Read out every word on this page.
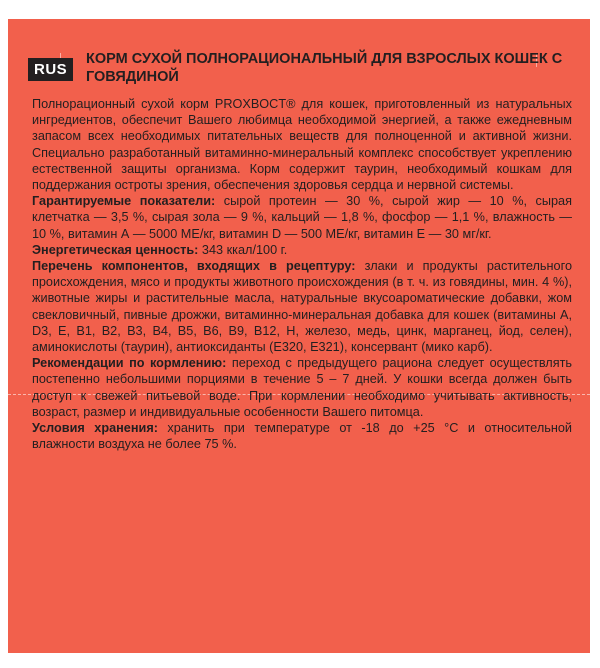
RUS
КОРМ СУХОЙ ПОЛНОРАЦИОНАЛЬНЫЙ ДЛЯ ВЗРОСЛЫХ КОШЕК С ГОВЯДИНОЙ

Полнорационный сухой корм PROXBOCT® для кошек, приготовленный из натуральных ингредиентов, обеспечит Вашего любимца необходимой энергией, а также ежедневным запасом всех необходимых питательных веществ для полноценной и активной жизни. Специально разработанный витаминно-минеральный комплекс способствует укреплению естественной защиты организма. Корм содержит таурин, необходимый кошкам для поддержания остроты зрения, обеспечения здоровья сердца и нервной системы.

Гарантируемые показатели: сырой протеин — 30 %, сырой жир — 10 %, сырая клетчатка — 3,5 %, сырая зола — 9 %, кальций — 1,8 %, фосфор — 1,1 %, влажность — 10 %, витамин А — 5000 МЕ/кг, витамин D — 500 МЕ/кг, витамин Е — 30 мг/кг.

Энергетическая ценность: 343 ккал/100 г.

Перечень компонентов, входящих в рецептуру: злаки и продукты растительного происхождения, мясо и продукты животного происхождения (в т. ч. из говядины, мин. 4 %), животные жиры и растительные масла, натуральные вкусоароматические добавки, жом свекловичный, пивные дрожжи, витаминно-минеральная добавка для кошек (витамины А, D3, Е, В1, В2, В3, В4, В5, В6, В9, В12, Н, железо, медь, цинк, марганец, йод, селен), аминокислоты (таурин), антиоксиданты (Е320, Е321), консервант (мико карб).

Рекомендации по кормлению: переход с предыдущего рациона следует осуществлять постепенно небольшими порциями в течение 5 – 7 дней. У кошки всегда должен быть доступ к свежей питьевой воде. При кормлении необходимо учитывать активность, возраст, размер и индивидуальные особенности Вашего питомца.

Условия хранения: хранить при температуре от -18 до +25 °С и относительной влажности воздуха не более 75 %.
